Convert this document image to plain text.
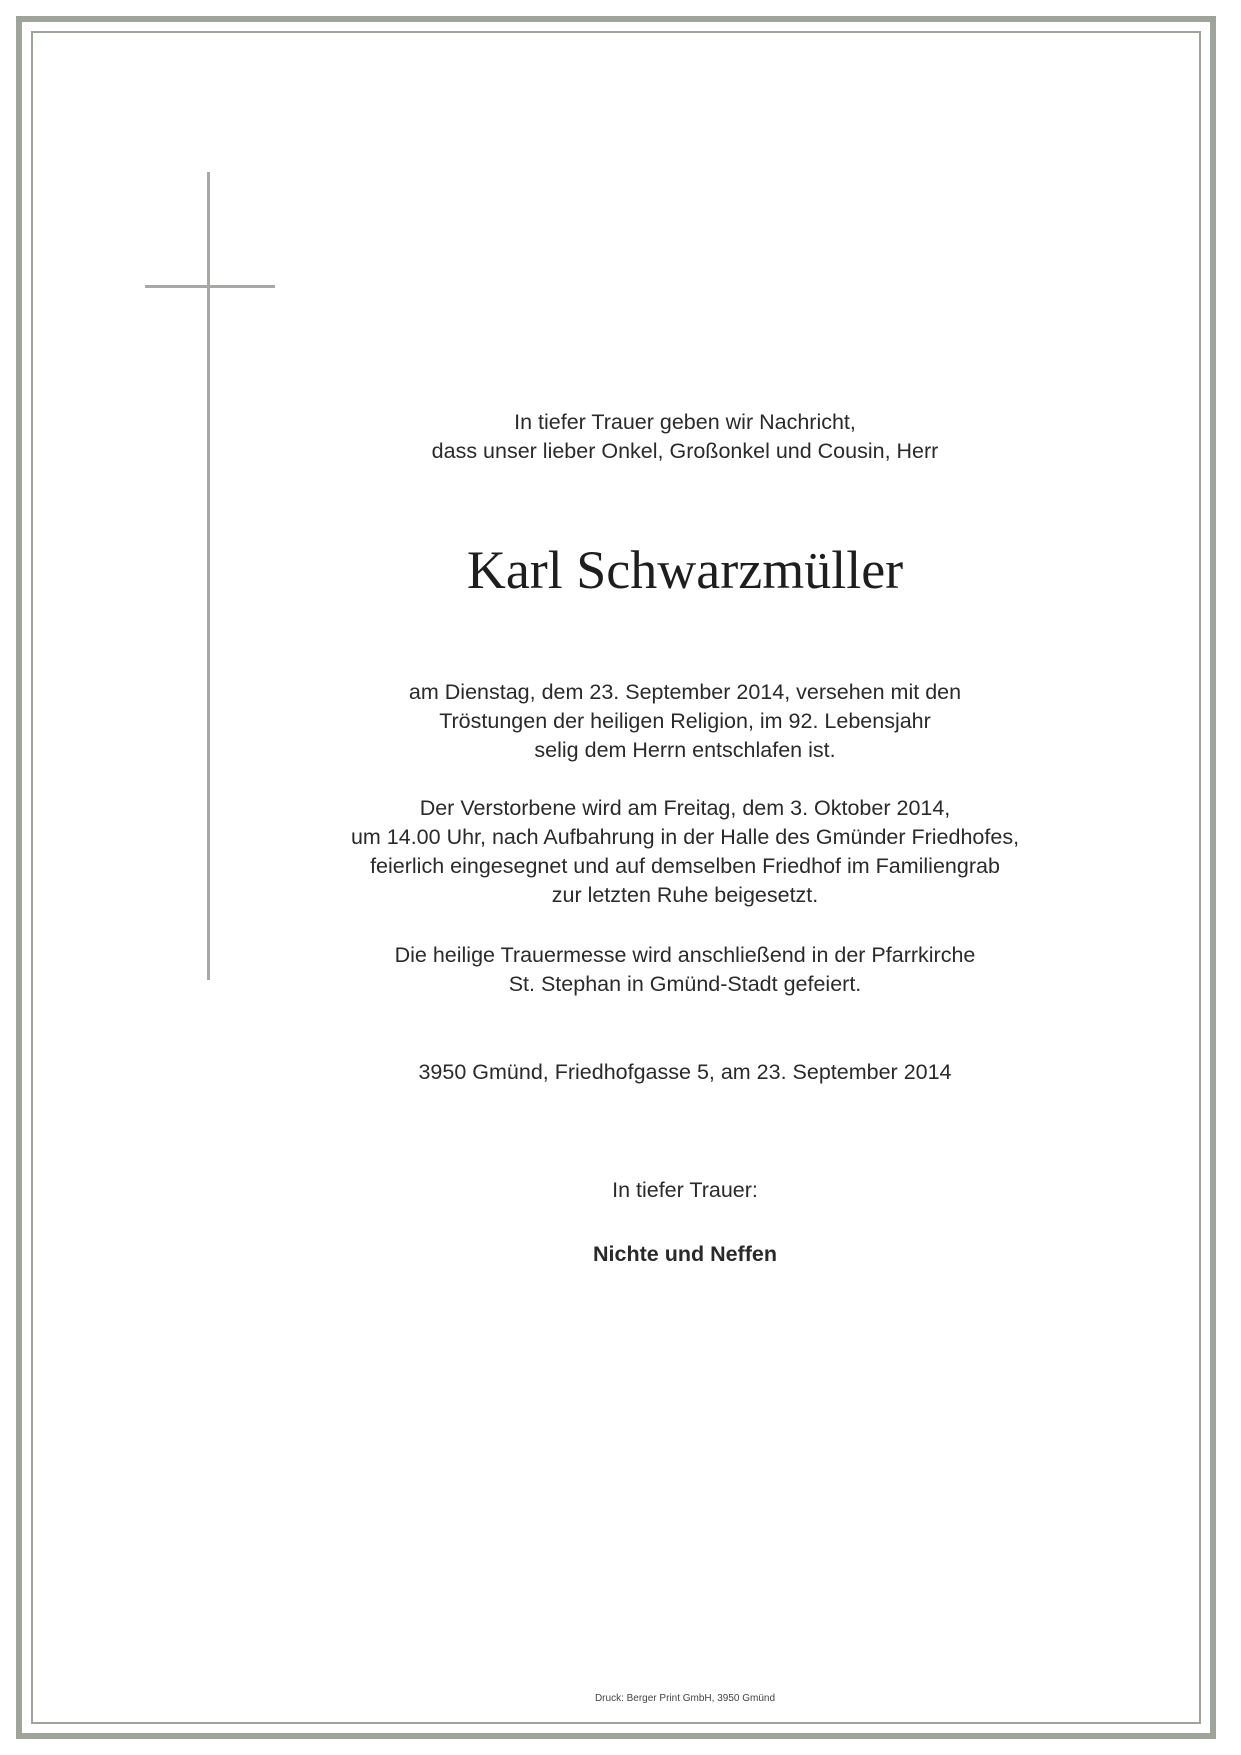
In tiefer Trauer geben wir Nachricht,
dass unser lieber Onkel, Großonkel und Cousin, Herr
Karl Schwarzmüller
am Dienstag, dem 23. September 2014, versehen mit den
Tröstungen der heiligen Religion, im 92. Lebensjahr
selig dem Herrn entschlafen ist.
Der Verstorbene wird am Freitag, dem 3. Oktober 2014,
um 14.00 Uhr, nach Aufbahrung in der Halle des Gmünder Friedhofes,
feierlich eingesegnet und auf demselben Friedhof im Familiengrab
zur letzten Ruhe beigesetzt.
Die heilige Trauermesse wird anschließend in der Pfarrkirche
St. Stephan in Gmünd-Stadt gefeiert.
3950 Gmünd, Friedhofgasse 5, am 23. September 2014
In tiefer Trauer:
Nichte und Neffen
Druck: Berger Print GmbH, 3950 Gmünd
